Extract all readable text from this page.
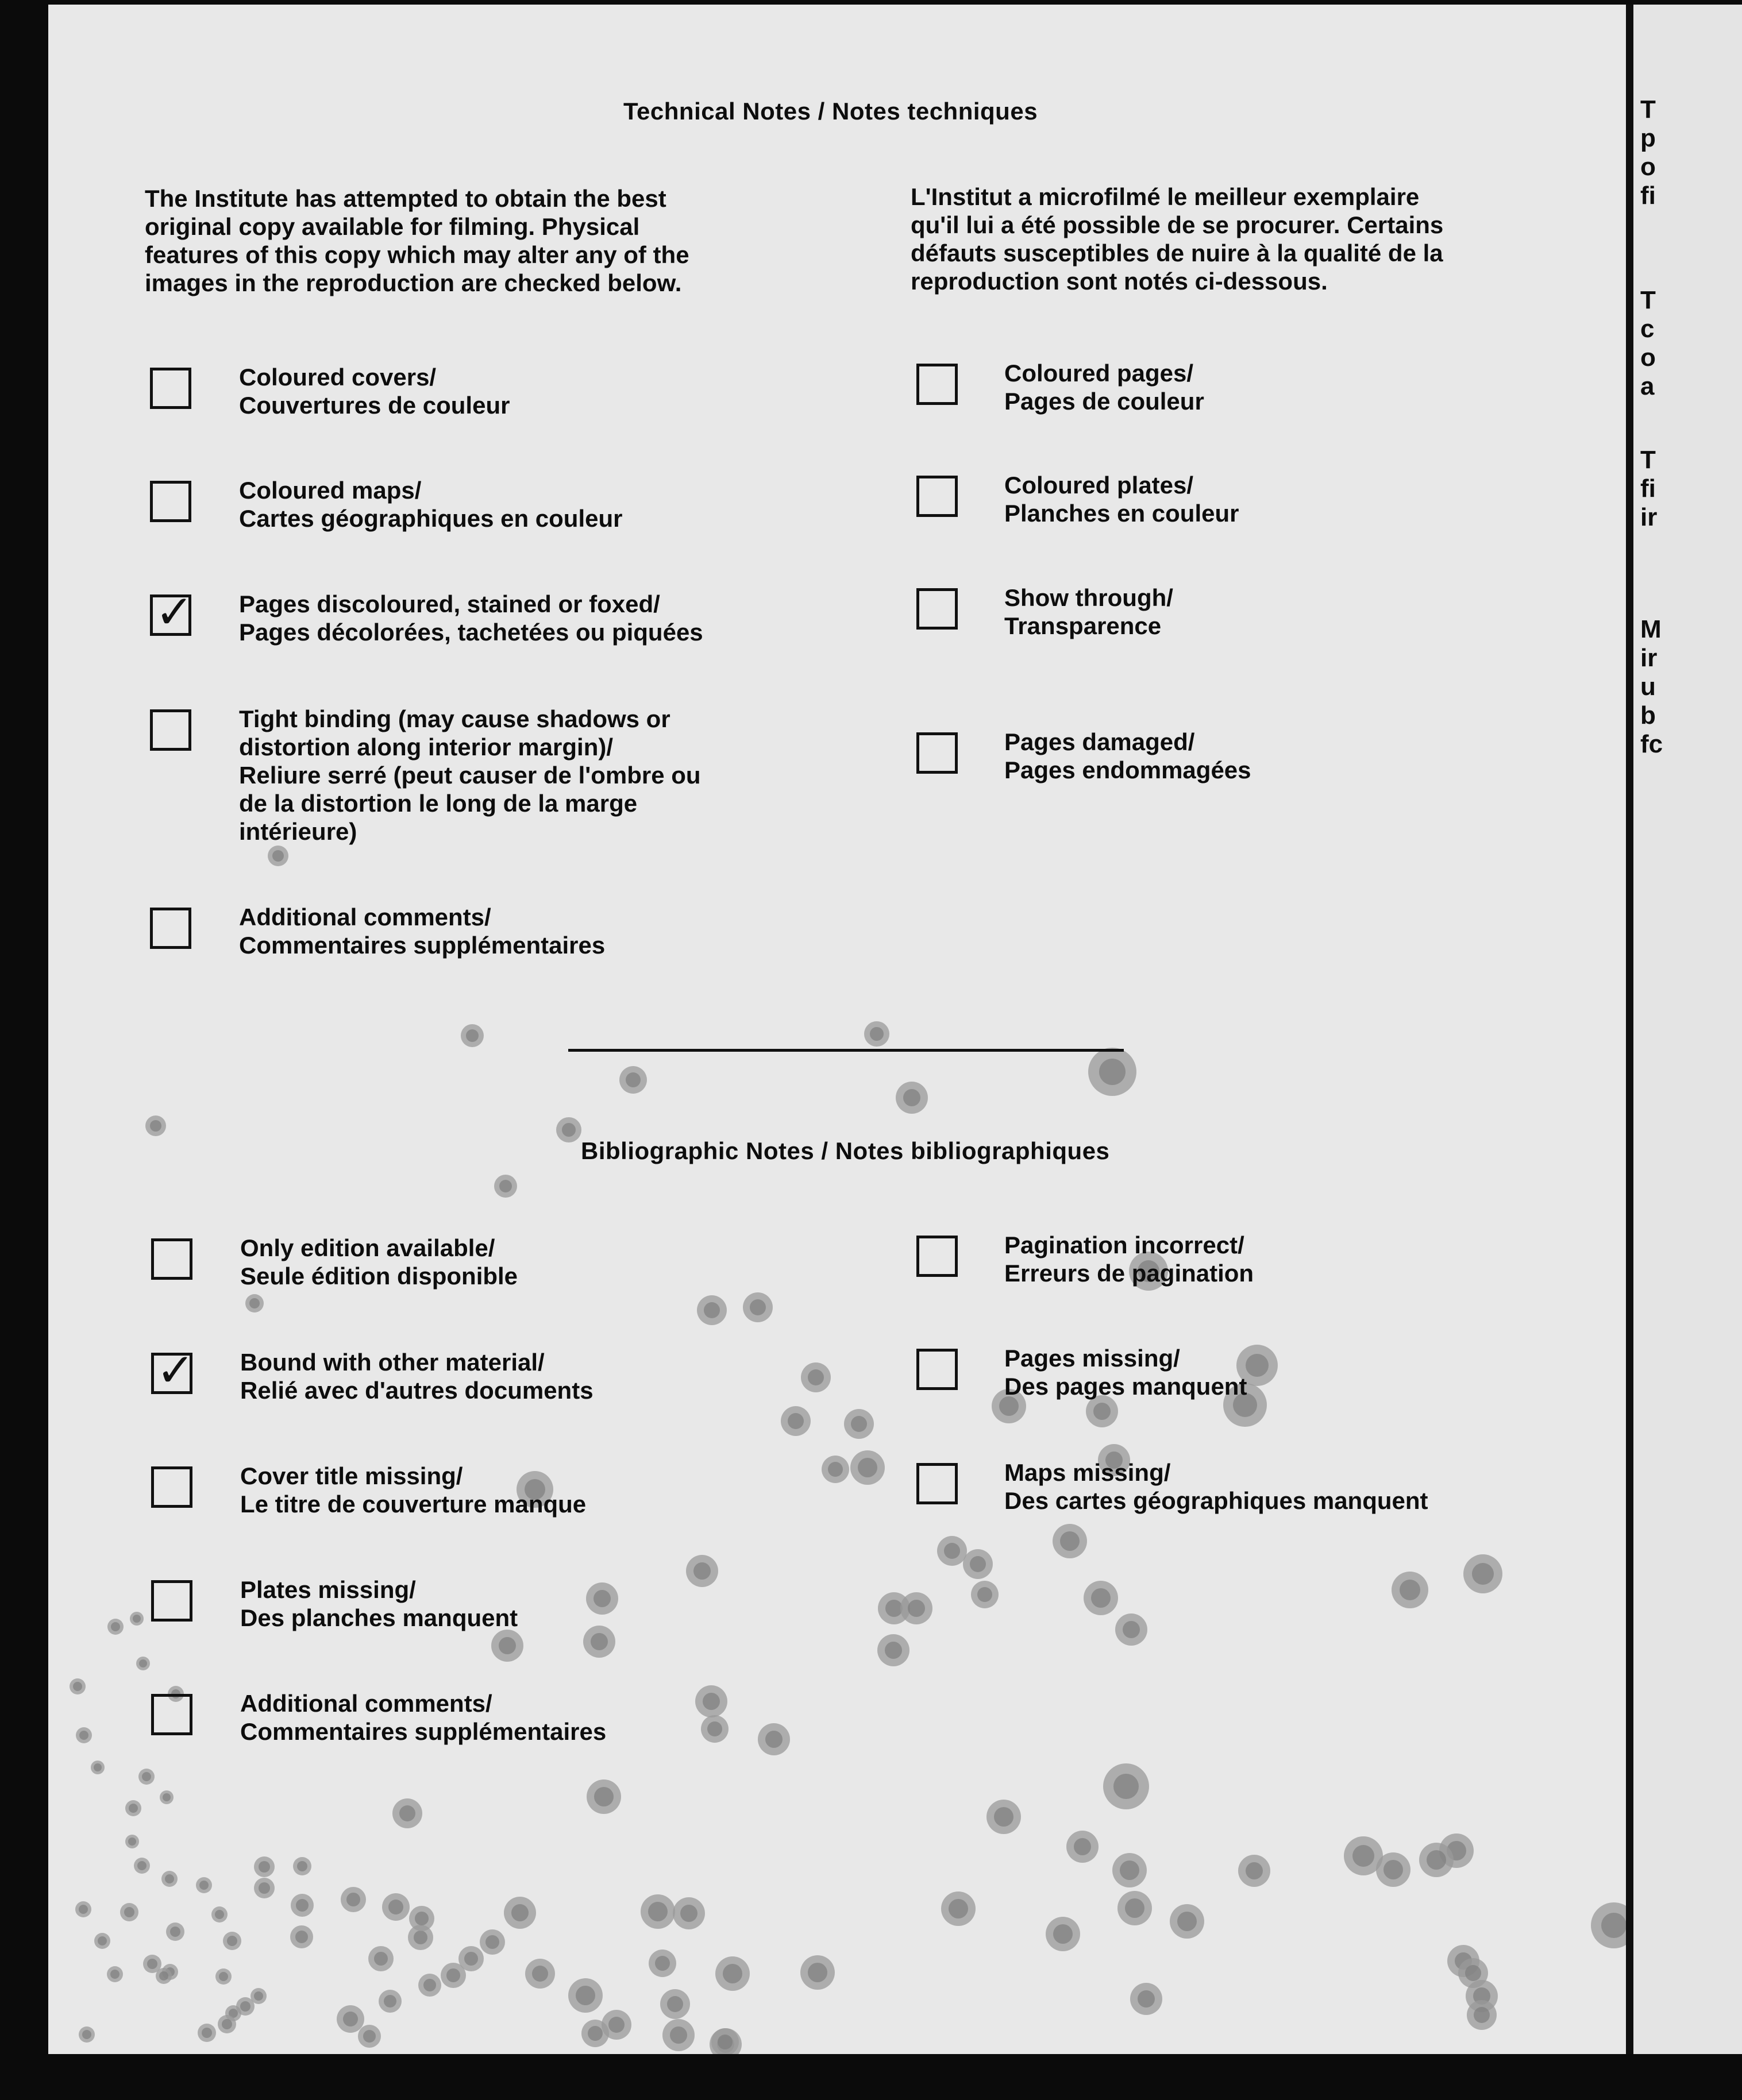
Technical Notes / Notes techniques
The Institute has attempted to obtain the best
original copy available for filming. Physical
features of this copy which may alter any of the
images in the reproduction are checked below.
L'Institut a microfilmé le meilleur exemplaire
qu'il lui a été possible de se procurer. Certains
défauts susceptibles de nuire à la qualité de la
reproduction sont notés ci-dessous.
Bibliographic Notes / Notes bibliographiques
Coloured covers/
Couvertures de couleur
Coloured maps/
Cartes géographiques en couleur
✓ Pages discoloured, stained or foxed/
Pages décolorées, tachetées ou piquées
Tight binding (may cause shadows or
distortion along interior margin)/
Reliure serré (peut causer de l'ombre ou
de la distortion le long de la marge
intérieure)
Additional comments/
Commentaires supplémentaires
Coloured pages/
Pages de couleur
Coloured plates/
Planches en couleur
Show through/
Transparence
Pages damaged/
Pages endommagées
Only edition available/
Seule édition disponible
✓ Bound with other material/
Relié avec d'autres documents
Cover title missing/
Le titre de couverture manque
Plates missing/
Des planches manquent
Additional comments/
Commentaires supplémentaires
Pagination incorrect/
Erreurs de pagination
Pages missing/
Des pages manquent
Maps missing/
Des cartes géographiques manquent
T
p
o
fi
T
c
o
a
T
fi
ir
M
ir
u
b
fc
